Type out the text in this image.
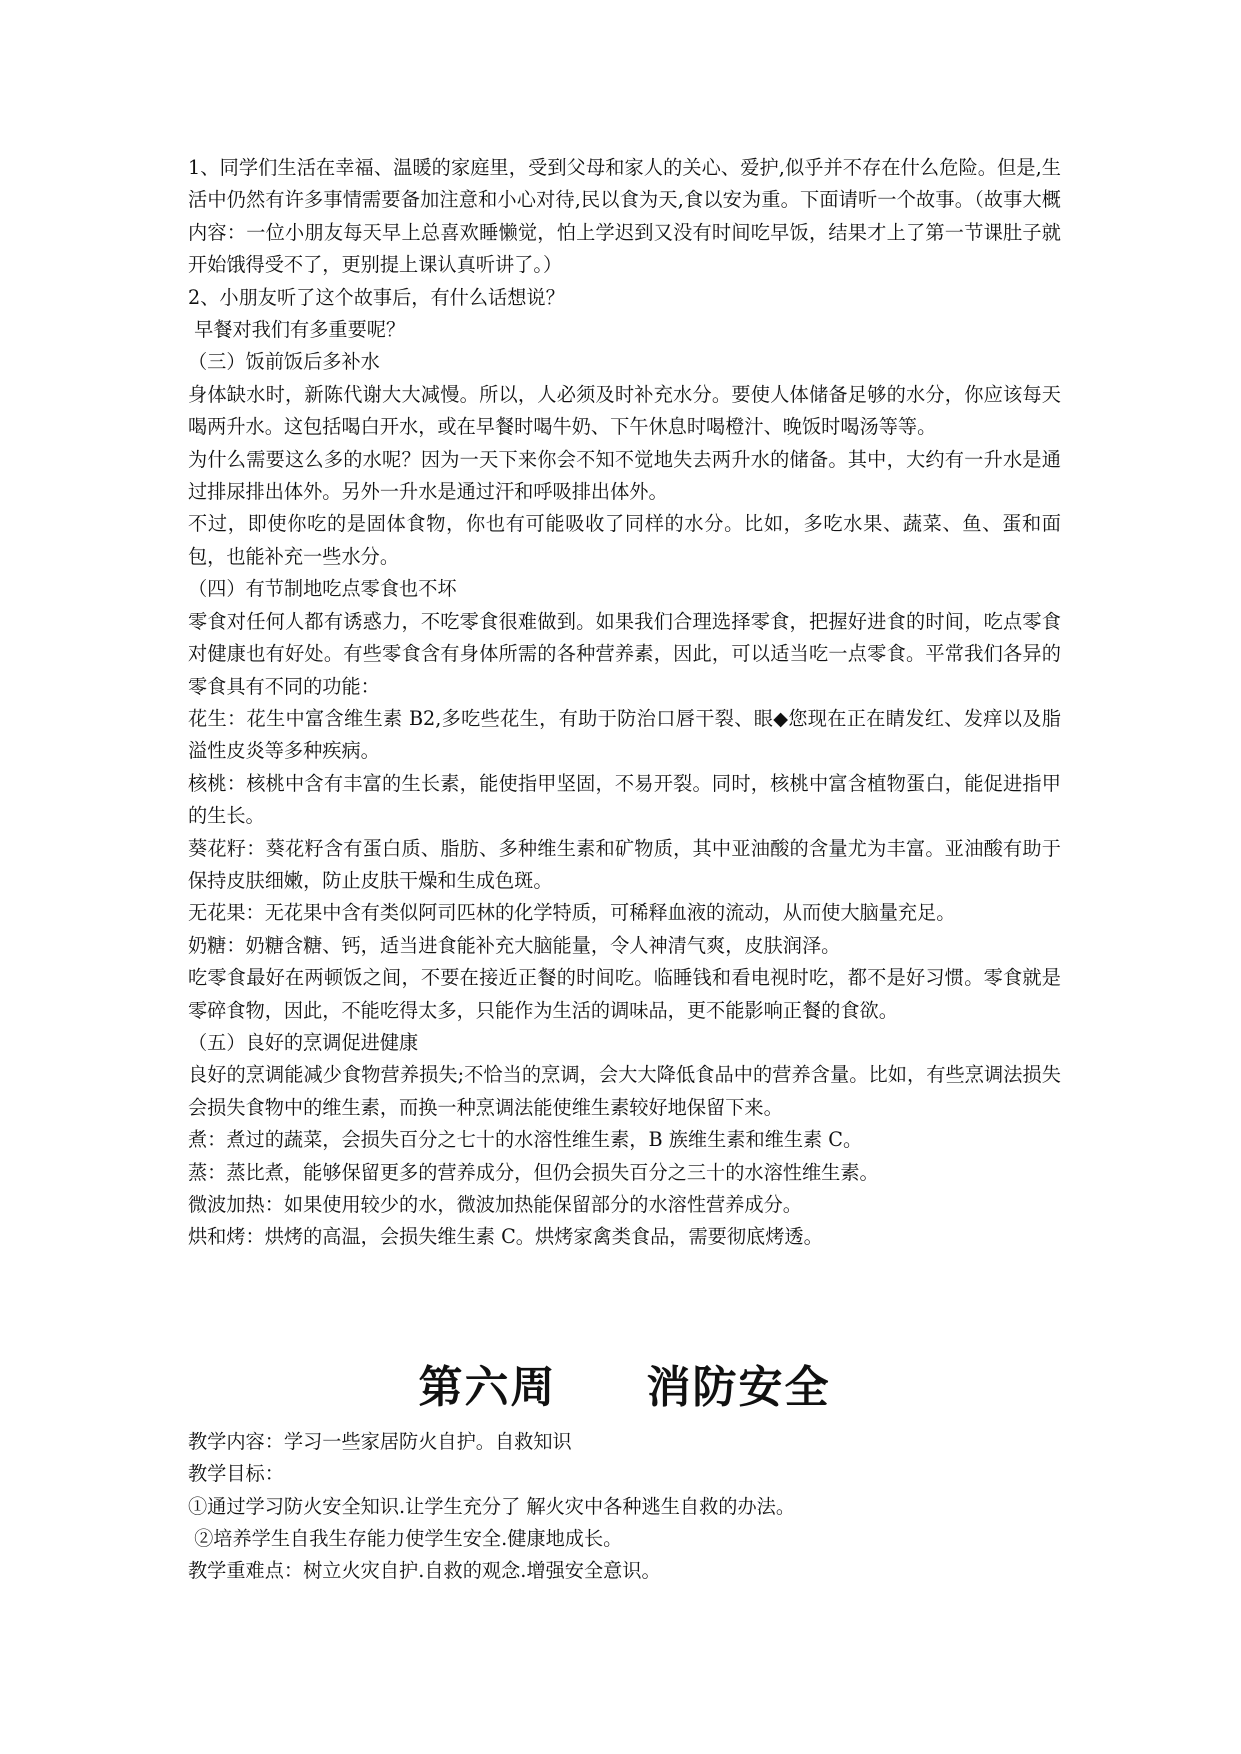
1、同学们生活在幸福、温暖的家庭里，受到父母和家人的关心、爱护,似乎并不存在什么危险。但是,生活中仍然有许多事情需要备加注意和小心对待,民以食为天,食以安为重。下面请听一个故事。（故事大概内容：一位小朋友每天早上总喜欢睡懒觉，怕上学迟到又没有时间吃早饭，结果才上了第一节课肚子就开始饿得受不了，更别提上课认真听讲了。）

2、小朋友听了这个故事后，有什么话想说？

早餐对我们有多重要呢？

（三）饭前饭后多补水

身体缺水时，新陈代谢大大减慢。所以，人必须及时补充水分。要使人体储备足够的水分，你应该每天喝两升水。这包括喝白开水，或在早餐时喝牛奶、下午休息时喝橙汁、晚饭时喝汤等等。

为什么需要这么多的水呢？因为一天下来你会不知不觉地失去两升水的储备。其中，大约有一升水是通过排尿排出体外。另外一升水是通过汗和呼吸排出体外。

不过，即使你吃的是固体食物，你也有可能吸收了同样的水分。比如，多吃水果、蔬菜、鱼、蛋和面包，也能补充一些水分。

（四）有节制地吃点零食也不坏

零食对任何人都有诱惑力，不吃零食很难做到。如果我们合理选择零食，把握好进食的时间，吃点零食对健康也有好处。有些零食含有身体所需的各种营养素，因此，可以适当吃一点零食。平常我们各异的零食具有不同的功能：

花生：花生中富含维生素 B2,多吃些花生，有助于防治口唇干裂、眼◆您现在正在睛发红、发痒以及脂溢性皮炎等多种疾病。

核桃：核桃中含有丰富的生长素，能使指甲坚固，不易开裂。同时，核桃中富含植物蛋白，能促进指甲的生长。

葵花籽：葵花籽含有蛋白质、脂肪、多种维生素和矿物质，其中亚油酸的含量尤为丰富。亚油酸有助于保持皮肤细嫩，防止皮肤干燥和生成色斑。

无花果：无花果中含有类似阿司匹林的化学特质，可稀释血液的流动，从而使大脑量充足。

奶糖：奶糖含糖、钙，适当进食能补充大脑能量，令人神清气爽，皮肤润泽。

吃零食最好在两顿饭之间，不要在接近正餐的时间吃。临睡钱和看电视时吃，都不是好习惯。零食就是零碎食物，因此，不能吃得太多，只能作为生活的调味品，更不能影响正餐的食欲。

（五）良好的烹调促进健康

良好的烹调能减少食物营养损失;不恰当的烹调，会大大降低食品中的营养含量。比如，有些烹调法损失会损失食物中的维生素，而换一种烹调法能使维生素较好地保留下来。

煮：煮过的蔬菜，会损失百分之七十的水溶性维生素，B 族维生素和维生素 C。

蒸：蒸比煮，能够保留更多的营养成分，但仍会损失百分之三十的水溶性维生素。

微波加热：如果使用较少的水，微波加热能保留部分的水溶性营养成分。

烘和烤：烘烤的高温，会损失维生素 C。烘烤家禽类食品，需要彻底烤透。

第六周 消防安全

教学内容：学习一些家居防火自护。自救知识

教学目标：

①通过学习防火安全知识.让学生充分了 解火灾中各种逃生自救的办法。

②培养学生自我生存能力使学生安全.健康地成长。

教学重难点：树立火灾自护.自救的观念.增强安全意识。
